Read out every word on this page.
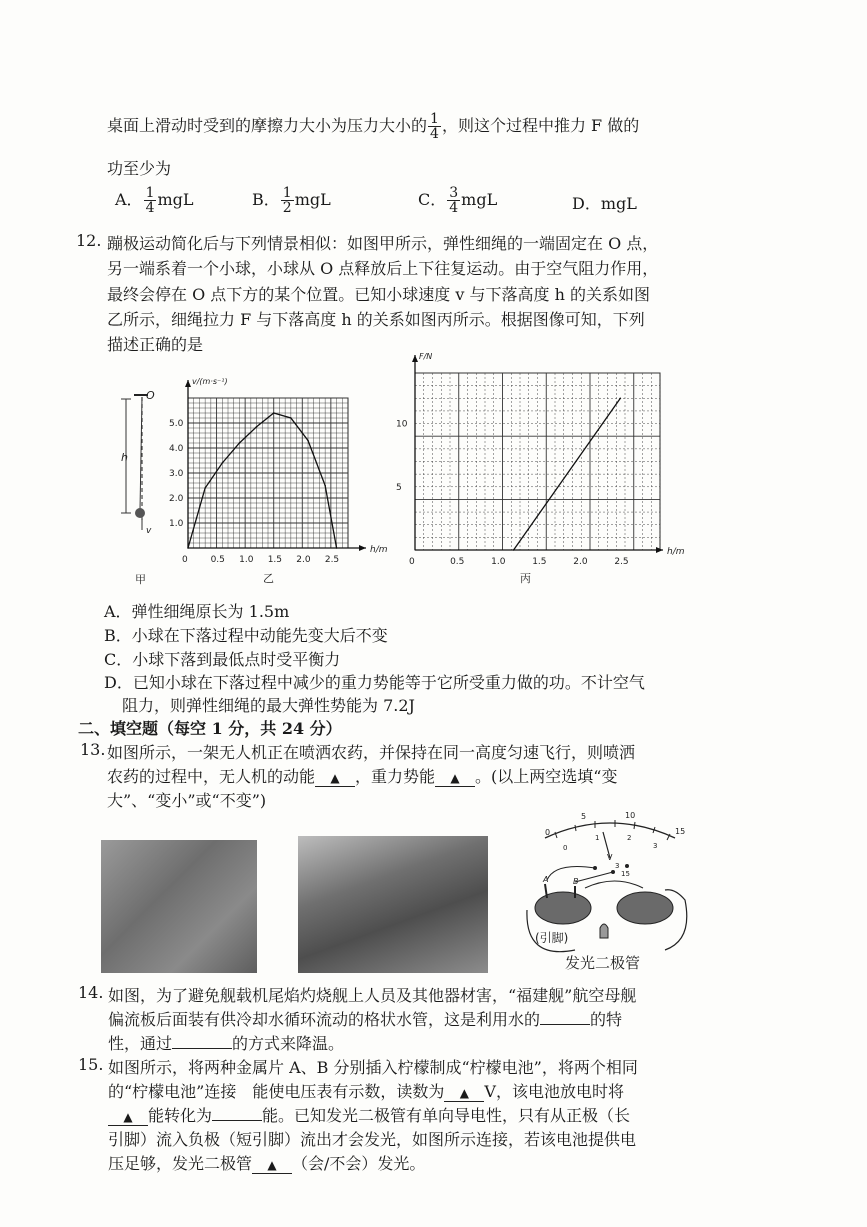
桌面上滑动时受到的摩擦力大小为压力大小的 $\frac{1}{4}$ ，则这个过程中推力 F 做的
功至少为
A． $\frac{1}{4}$ mgL	B． $\frac{1}{2}$ mgL	C． $\frac{3}{4}$ mgL	D．mgL
12. 蹦极运动简化后与下列情景相似：如图甲所示，弹性细绳的一端固定在 O 点，
另一端系着一个小球，小球从 O 点释放后上下往复运动。由于空气阻力作用，
最终会停在 O 点下方的某个位置。已知小球速度 v 与下落高度 h 的关系如图
乙所示，细绳拉力 F 与下落高度 h 的关系如图丙所示。根据图像可知，下列
描述正确的是
O
h
v
甲
0	0.5 1.0 1.5 2.0 2.5
1.0
2.0
3.0
4.0
5.0
h/m
v/(m·s⁻¹)
乙
0	0.5	1.0	1.5	2.0	2.5
5
10
h/m
F/N
丙
A．弹性细绳原长为 1.5m
B．小球在下落过程中动能先变大后不变
C．小球下落到最低点时受平衡力
D．已知小球在下落过程中减少的重力势能等于它所受重力做的功。不计空气
阻力，则弹性细绳的最大弹性势能为 7.2J
二、填空题（每空 1 分，共 24 分）
13. 如图所示，一架无人机正在喷洒农药，并保持在同一高度匀速飞行，则喷洒
农药的过程中，无人机的动能 ▲ ，重力势能 ▲ 。(以上两空选填“变
大”、“变小”或“不变”)
0
5	10
15
0
1	2
3
V
3
15
A	B
(引脚)
发光二极管
14. 如图，为了避免舰载机尾焰灼烧舰上人员及其他器材害，“福建舰”航空母舰
偏流板后面装有供冷却水循环流动的格状水管，这是利用水的	的特
性，通过	的方式来降温。
15. 如图所示，将两种金属片 A、B 分别插入柠檬制成“柠檬电池”，将两个相同
的“柠檬电池”连接 能使电压表有示数，读数为 ▲ V，该电池放电时将
▲ 能转化为	能。已知发光二极管有单向导电性，只有从正极（长
引脚）流入负极（短引脚）流出才会发光，如图所示连接，若该电池提供电
压足够，发光二极管 ▲ （会/不会）发光。
